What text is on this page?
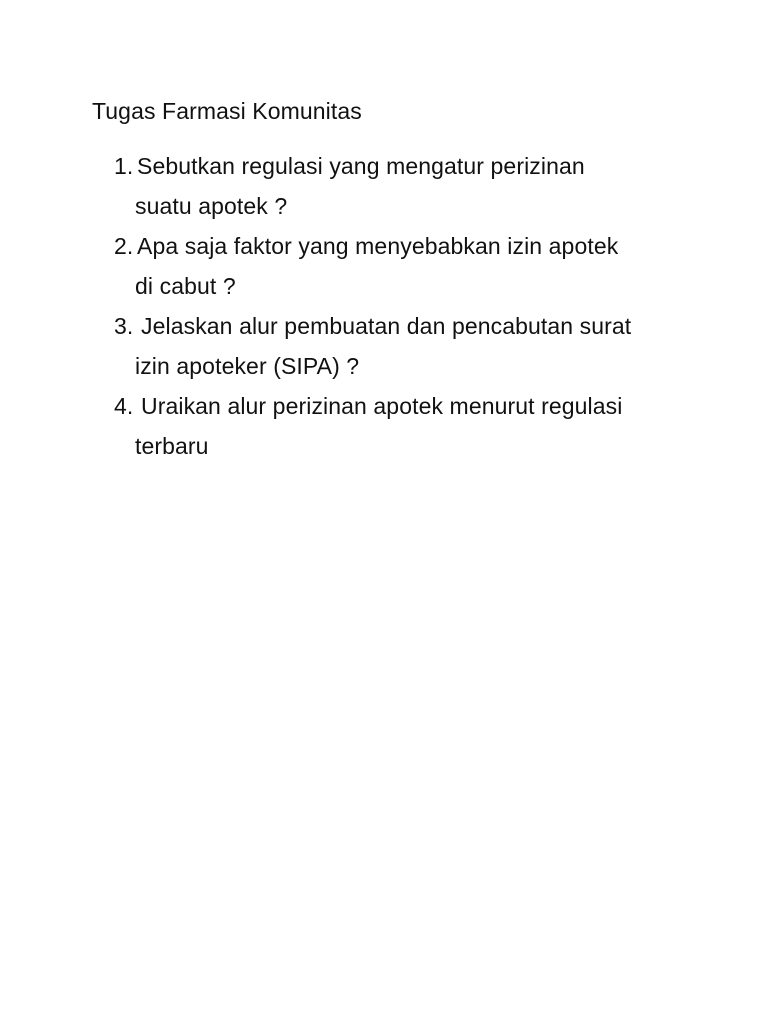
Tugas Farmasi Komunitas
1. Sebutkan regulasi yang mengatur perizinan
suatu apotek ?
2. Apa saja faktor yang menyebabkan izin apotek
di cabut ?
3. Jelaskan alur pembuatan dan pencabutan surat
izin apoteker (SIPA) ?
4. Uraikan alur perizinan apotek menurut regulasi
terbaru
